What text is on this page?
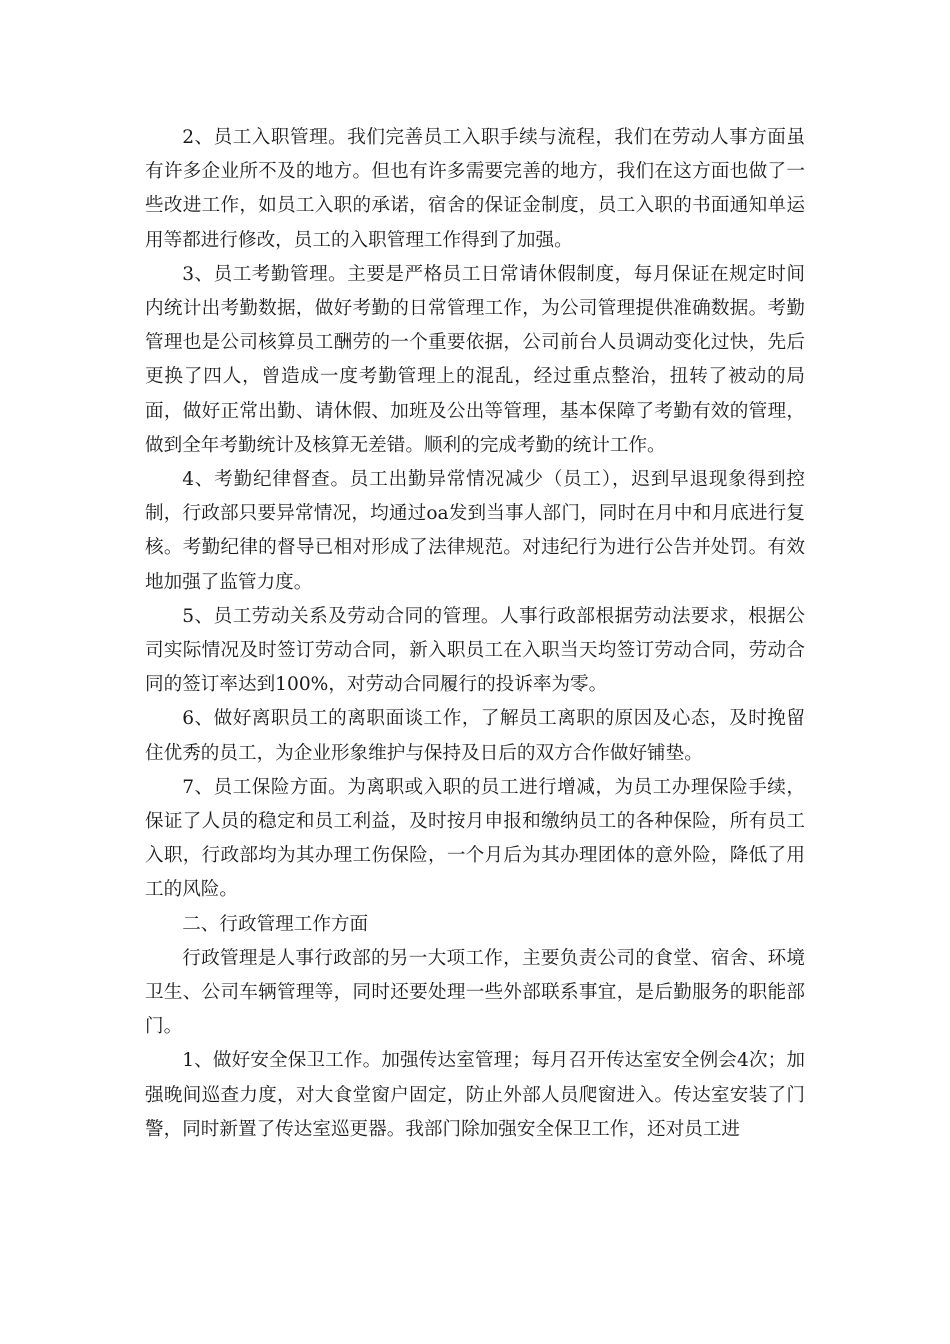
2、员工入职管理。我们完善员工入职手续与流程，我们在劳动人事方面虽有许多企业所不及的地方。但也有许多需要完善的地方，我们在这方面也做了一些改进工作，如员工入职的承诺，宿舍的保证金制度，员工入职的书面通知单运用等都进行修改，员工的入职管理工作得到了加强。

3、员工考勤管理。主要是严格员工日常请休假制度，每月保证在规定时间内统计出考勤数据，做好考勤的日常管理工作，为公司管理提供准确数据。考勤管理也是公司核算员工酬劳的一个重要依据，公司前台人员调动变化过快，先后更换了四人，曾造成一度考勤管理上的混乱，经过重点整治，扭转了被动的局面，做好正常出勤、请休假、加班及公出等管理，基本保障了考勤有效的管理，做到全年考勤统计及核算无差错。顺利的完成考勤的统计工作。

4、考勤纪律督查。员工出勤异常情况减少（员工），迟到早退现象得到控制，行政部只要异常情况，均通过oa发到当事人部门，同时在月中和月底进行复核。考勤纪律的督导已相对形成了法律规范。对违纪行为进行公告并处罚。有效地加强了监管力度。

5、员工劳动关系及劳动合同的管理。人事行政部根据劳动法要求，根据公司实际情况及时签订劳动合同，新入职员工在入职当天均签订劳动合同，劳动合同的签订率达到100%，对劳动合同履行的投诉率为零。

6、做好离职员工的离职面谈工作，了解员工离职的原因及心态，及时挽留住优秀的员工，为企业形象维护与保持及日后的双方合作做好铺垫。

7、员工保险方面。为离职或入职的员工进行增减，为员工办理保险手续，保证了人员的稳定和员工利益，及时按月申报和缴纳员工的各种保险，所有员工入职，行政部均为其办理工伤保险，一个月后为其办理团体的意外险，降低了用工的风险。

二、行政管理工作方面

行政管理是人事行政部的另一大项工作，主要负责公司的食堂、宿舍、环境卫生、公司车辆管理等，同时还要处理一些外部联系事宜，是后勤服务的职能部门。

1、做好安全保卫工作。加强传达室管理；每月召开传达室安全例会4次；加强晚间巡查力度，对大食堂窗户固定，防止外部人员爬窗进入。传达室安装了门警，同时新置了传达室巡更器。我部门除加强安全保卫工作，还对员工进
